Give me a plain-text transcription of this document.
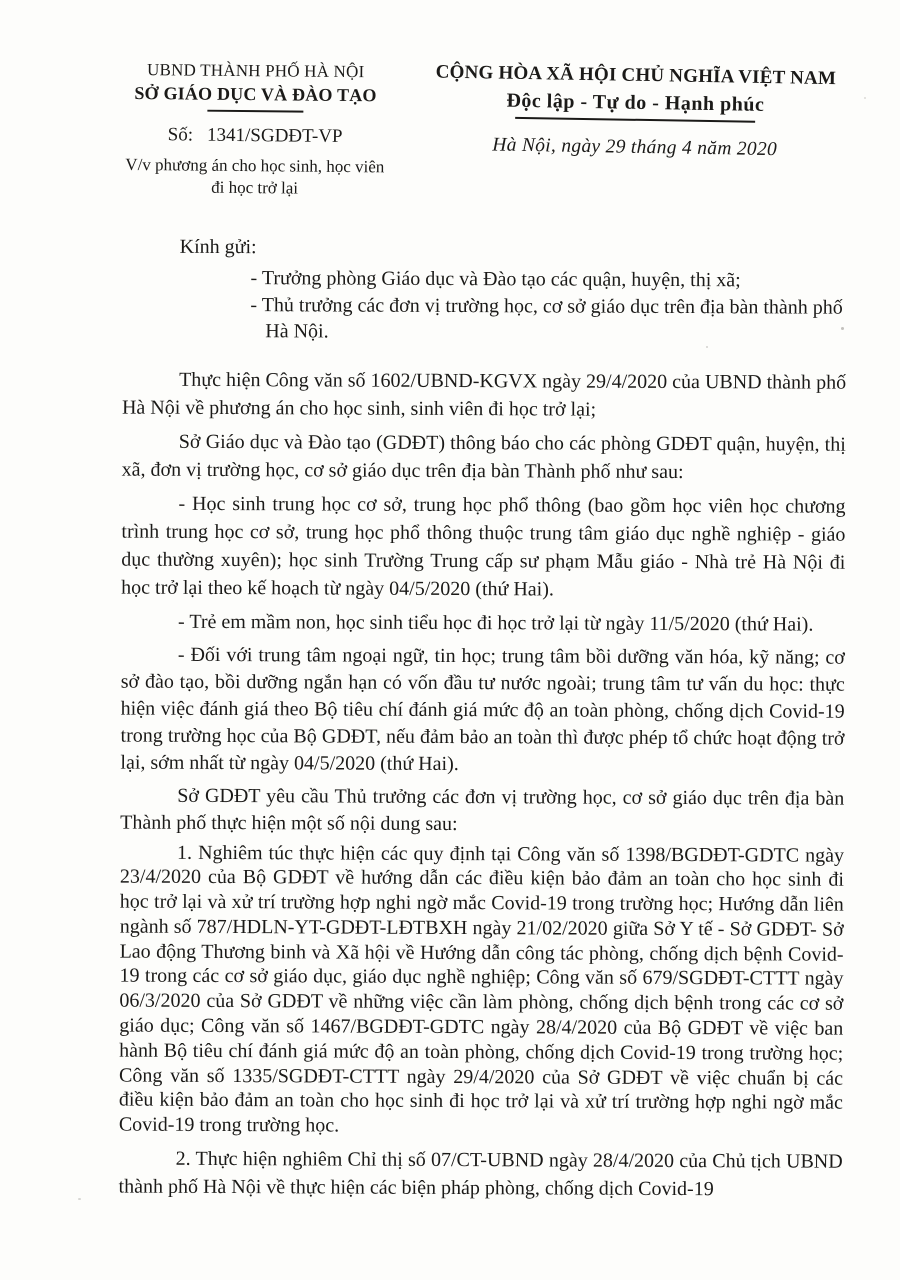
UBND THÀNH PHỐ HÀ NỘI
SỞ GIÁO DỤC VÀ ĐÀO TẠO
Số: 1341/SGDĐT-VP
V/v phương án cho học sinh, học viên đi học trở lại
CỘNG HÒA XÃ HỘI CHỦ NGHĨA VIỆT NAM
Độc lập - Tự do - Hạnh phúc
Hà Nội, ngày 29 tháng 4 năm 2020
Kính gửi:
- Trưởng phòng Giáo dục và Đào tạo các quận, huyện, thị xã;
- Thủ trưởng các đơn vị trường học, cơ sở giáo dục trên địa bàn thành phố Hà Nội.

Thực hiện Công văn số 1602/UBND-KGVX ngày 29/4/2020 của UBND thành phố Hà Nội về phương án cho học sinh, sinh viên đi học trở lại;

Sở Giáo dục và Đào tạo (GDĐT) thông báo cho các phòng GDĐT quận, huyện, thị xã, đơn vị trường học, cơ sở giáo dục trên địa bàn Thành phố như sau:

- Học sinh trung học cơ sở, trung học phổ thông (bao gồm học viên học chương trình trung học cơ sở, trung học phổ thông thuộc trung tâm giáo dục nghề nghiệp - giáo dục thường xuyên); học sinh Trường Trung cấp sư phạm Mẫu giáo - Nhà trẻ Hà Nội đi học trở lại theo kế hoạch từ ngày 04/5/2020 (thứ Hai).

- Trẻ em mầm non, học sinh tiểu học đi học trở lại từ ngày 11/5/2020 (thứ Hai).

- Đối với trung tâm ngoại ngữ, tin học; trung tâm bồi dưỡng văn hóa, kỹ năng; cơ sở đào tạo, bồi dưỡng ngắn hạn có vốn đầu tư nước ngoài; trung tâm tư vấn du học: thực hiện việc đánh giá theo Bộ tiêu chí đánh giá mức độ an toàn phòng, chống dịch Covid-19 trong trường học của Bộ GDĐT, nếu đảm bảo an toàn thì được phép tổ chức hoạt động trở lại, sớm nhất từ ngày 04/5/2020 (thứ Hai).

Sở GDĐT yêu cầu Thủ trưởng các đơn vị trường học, cơ sở giáo dục trên địa bàn Thành phố thực hiện một số nội dung sau:

1. Nghiêm túc thực hiện các quy định tại Công văn số 1398/BGDĐT-GDTC ngày 23/4/2020 của Bộ GDĐT về hướng dẫn các điều kiện bảo đảm an toàn cho học sinh đi học trở lại và xử trí trường hợp nghi ngờ mắc Covid-19 trong trường học; Hướng dẫn liên ngành số 787/HDLN-YT-GDĐT-LĐTBXH ngày 21/02/2020 giữa Sở Y tế - Sở GDĐT- Sở Lao động Thương binh và Xã hội về Hướng dẫn công tác phòng, chống dịch bệnh Covid-19 trong các cơ sở giáo dục, giáo dục nghề nghiệp; Công văn số 679/SGDĐT-CTTT ngày 06/3/2020 của Sở GDĐT về những việc cần làm phòng, chống dịch bệnh trong các cơ sở giáo dục; Công văn số 1467/BGDĐT-GDTC ngày 28/4/2020 của Bộ GDĐT về việc ban hành Bộ tiêu chí đánh giá mức độ an toàn phòng, chống dịch Covid-19 trong trường học; Công văn số 1335/SGDĐT-CTTT ngày 29/4/2020 của Sở GDĐT về việc chuẩn bị các điều kiện bảo đảm an toàn cho học sinh đi học trở lại và xử trí trường hợp nghi ngờ mắc Covid-19 trong trường học.

2. Thực hiện nghiêm Chỉ thị số 07/CT-UBND ngày 28/4/2020 của Chủ tịch UBND thành phố Hà Nội về thực hiện các biện pháp phòng, chống dịch Covid-19
